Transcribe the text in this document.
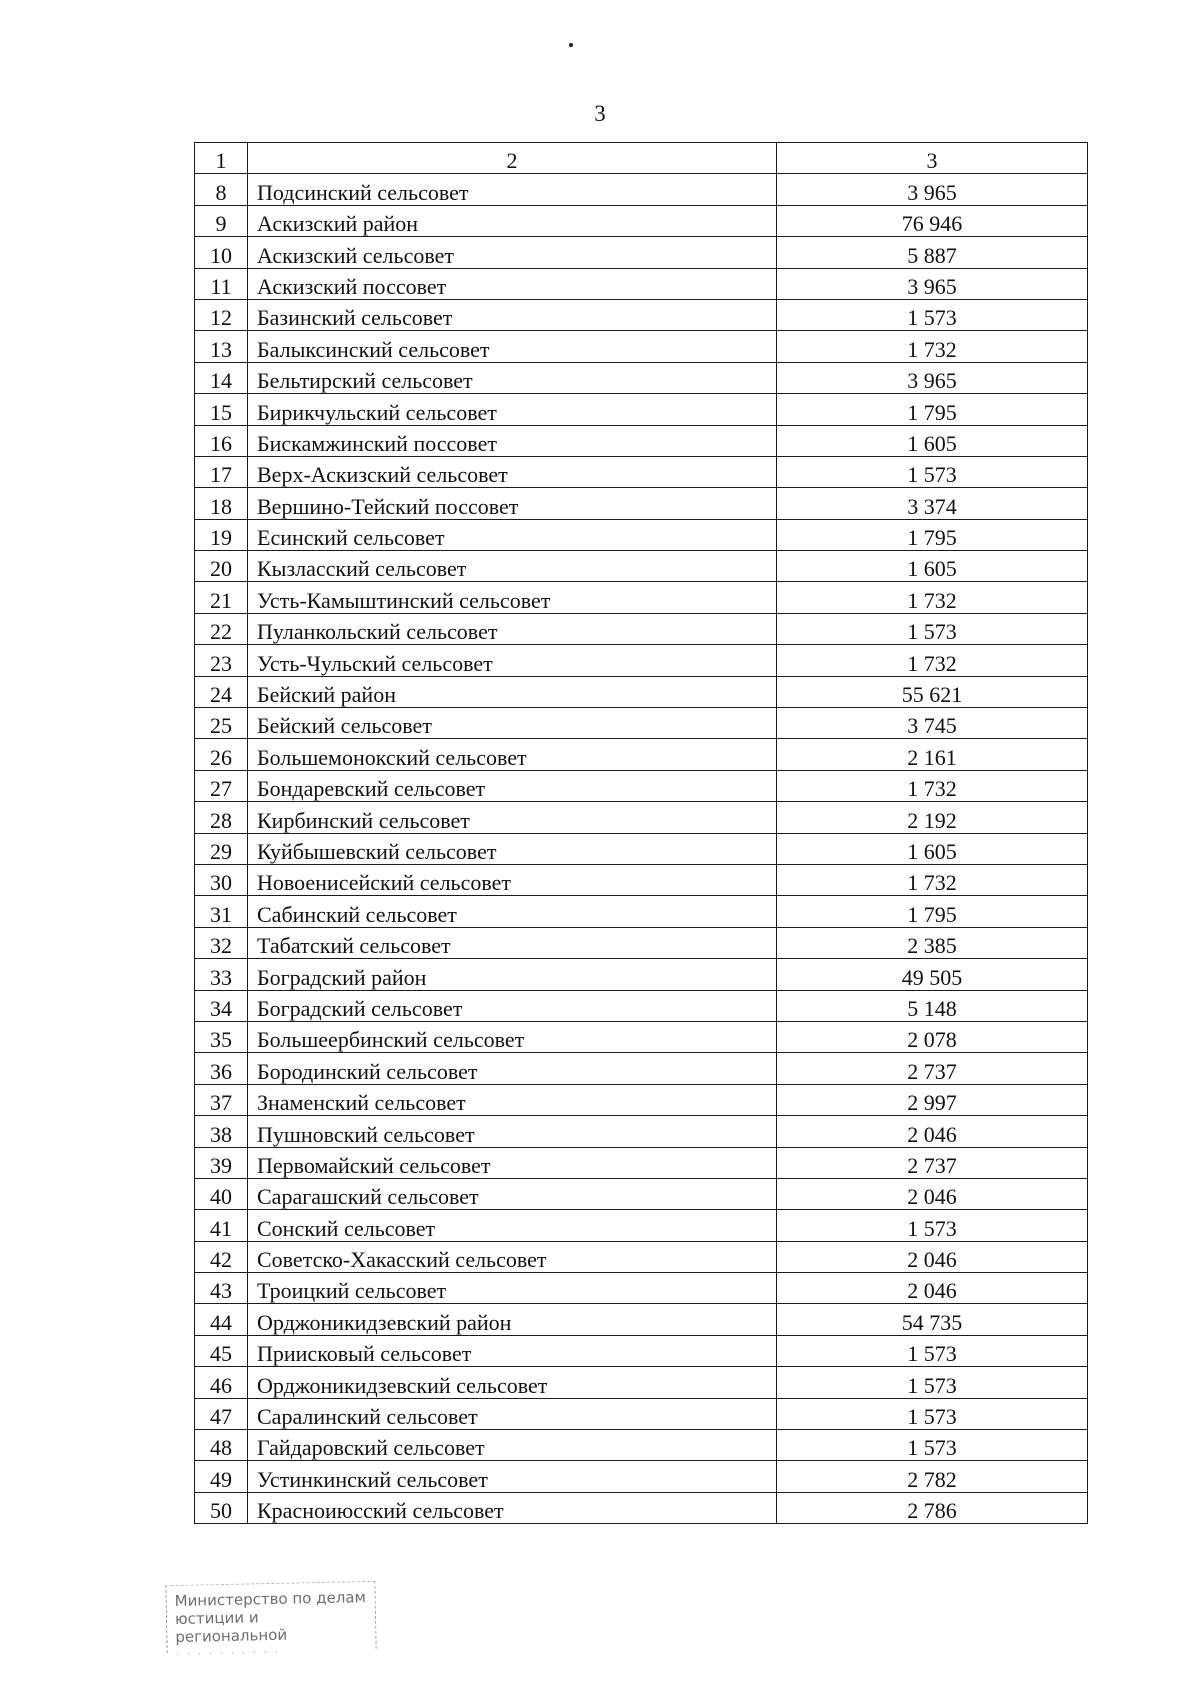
3
1	2	3
8	Подсинский сельсовет	3 965
9	Аскизский район	76 946
10	Аскизский сельсовет	5 887
11	Аскизский поссовет	3 965
12	Базинский сельсовет	1 573
13	Балыксинский сельсовет	1 732
14	Бельтирский сельсовет	3 965
15	Бирикчульский сельсовет	1 795
16	Бискамжинский поссовет	1 605
17	Верх-Аскизский сельсовет	1 573
18	Вершино-Тейский поссовет	3 374
19	Есинский сельсовет	1 795
20	Кызласский сельсовет	1 605
21	Усть-Камыштинский сельсовет	1 732
22	Пуланкольский сельсовет	1 573
23	Усть-Чульский сельсовет	1 732
24	Бейский район	55 621
25	Бейский сельсовет	3 745
26	Большемонокский сельсовет	2 161
27	Бондаревский сельсовет	1 732
28	Кирбинский сельсовет	2 192
29	Куйбышевский сельсовет	1 605
30	Новоенисейский сельсовет	1 732
31	Сабинский сельсовет	1 795
32	Табатский сельсовет	2 385
33	Боградский район	49 505
34	Боградский сельсовет	5 148
35	Большеербинский сельсовет	2 078
36	Бородинский сельсовет	2 737
37	Знаменский сельсовет	2 997
38	Пушновский сельсовет	2 046
39	Первомайский сельсовет	2 737
40	Сарагашский сельсовет	2 046
41	Сонский сельсовет	1 573
42	Советско-Хакасский сельсовет	2 046
43	Троицкий сельсовет	2 046
44	Орджоникидзевский район	54 735
45	Приисковый сельсовет	1 573
46	Орджоникидзевский сельсовет	1 573
47	Саралинский сельсовет	1 573
48	Гайдаровский сельсовет	1 573
49	Устинкинский сельсовет	2 782
50	Красноиюсский сельсовет	2 786
Министерство по делам
юстиции и региональной
· · · · · · · · · ·
